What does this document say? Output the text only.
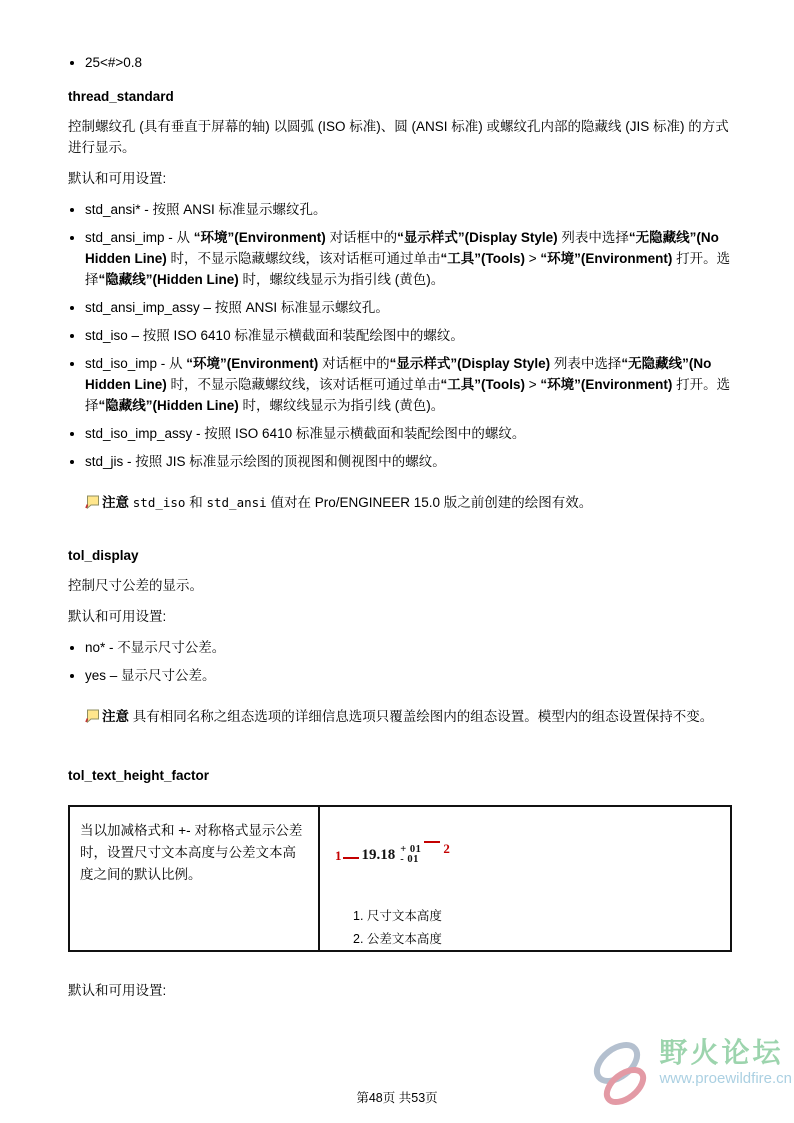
• 25<#>0.8
thread_standard

控制螺纹孔 (具有垂直于屏幕的轴) 以圆弧 (ISO 标准)、圆 (ANSI 标准) 或螺纹孔内部的隐藏线 (JIS 标准) 的方式进行显示。

默认和可用设置:

• std_ansi* - 按照 ANSI 标准显示螺纹孔。
• std_ansi_imp - 从 “环境”(Environment) 对话框中的“显示样式”(Display Style) 列表中选择“无隐藏线”(No Hidden Line) 时，不显示隐藏螺纹线，该对话框可通过单击“工具”(Tools) > “环境”(Environment) 打开。选择“隐藏线”(Hidden Line) 时，螺纹线显示为指引线 (黄色)。
• std_ansi_imp_assy – 按照 ANSI 标准显示螺纹孔。
• std_iso – 按照 ISO 6410 标准显示横截面和装配绘图中的螺纹。
• std_iso_imp - 从 “环境”(Environment) 对话框中的“显示样式”(Display Style) 列表中选择“无隐藏线”(No Hidden Line) 时，不显示隐藏螺纹线，该对话框可通过单击“工具”(Tools) > “环境”(Environment) 打开。选择“隐藏线”(Hidden Line) 时，螺纹线显示为指引线 (黄色)。
• std_iso_imp_assy - 按照 ISO 6410 标准显示横截面和装配绘图中的螺纹。
• std_jis - 按照 JIS 标准显示绘图的顶视图和侧视图中的螺纹。
注意 std_iso 和 std_ansi 值对在 Pro/ENGINEER 15.0 版之前创建的绘图有效。
tol_display

控制尺寸公差的显示。

默认和可用设置:

• no* - 不显示尺寸公差。
• yes – 显示尺寸公差。
注意 具有相同名称之组态选项的详细信息选项只覆盖绘图内的组态设置。模型内的组态设置保持不变。
tol_text_height_factor
当以加减格式和 +- 对称格式显示公差时，设置尺寸文本高度与公差文本高度之间的默认比例。
1 19.18 + 01
- 01
2
1. 尺寸文本高度
2. 公差文本高度

默认和可用设置:

第48页 共53页
野火论坛
www.proewildfire.cn
